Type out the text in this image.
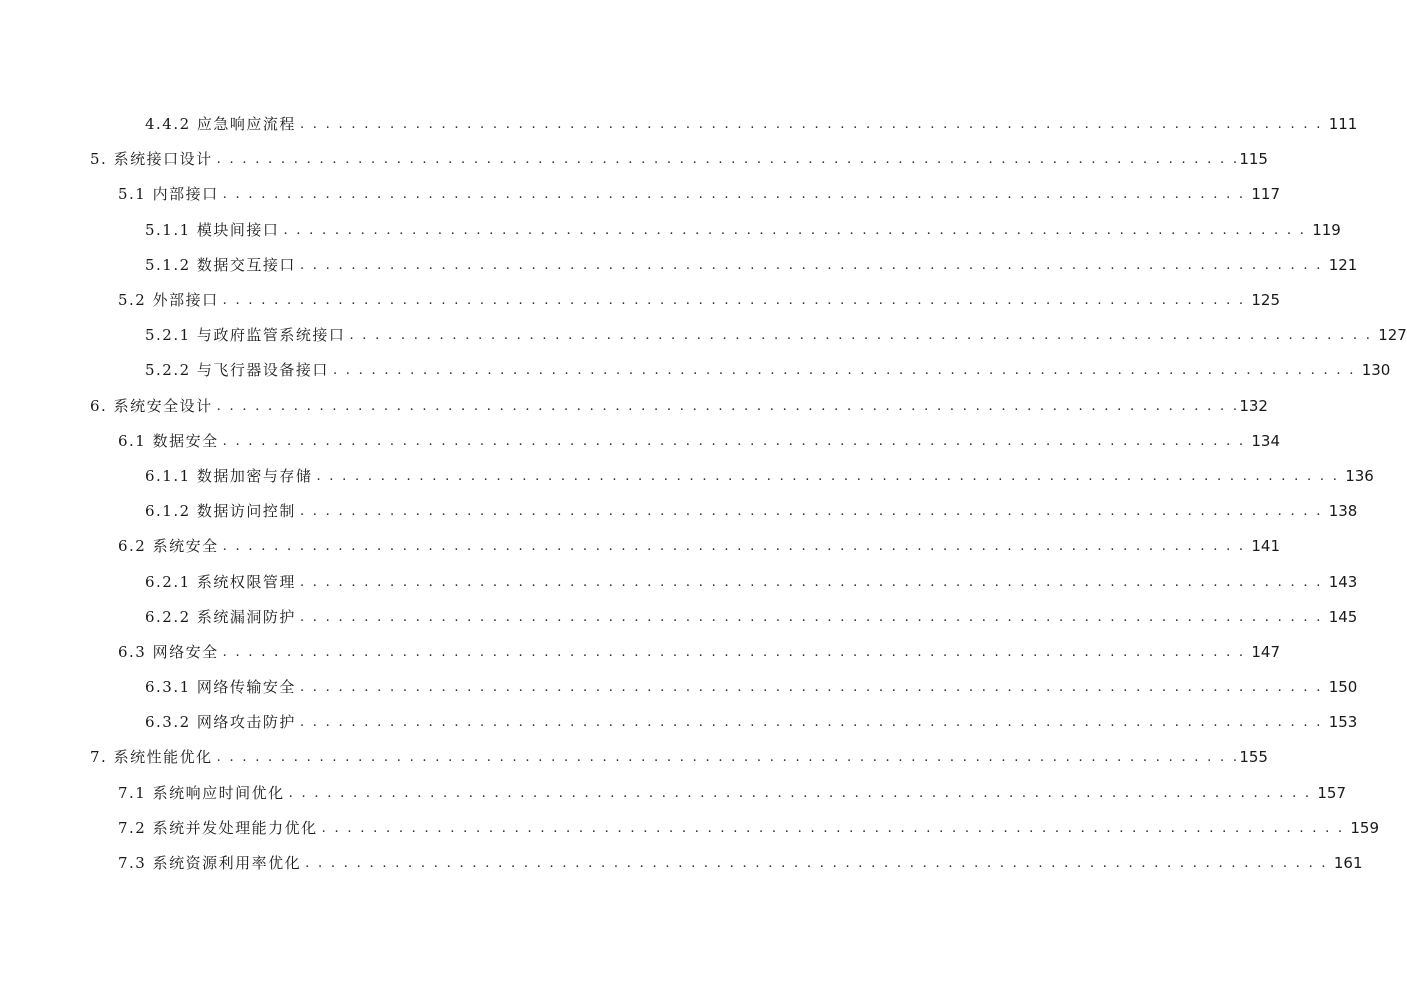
4.4.2 应急响应流程 . . . . . . . . . . . . . . . . . . . . . . . . . . . . . . . . . . . . . . . . . . . . . . . . . . . . . . . . . . . . . . . . . . . . . . . . . . . . . . . . 111
5. 系统接口设计 . . . . . . . . . . . . . . . . . . . . . . . . . . . . . . . . . . . . . . . . . . . . . . . . . . . . . . . . . . . . . . . . . . . . . . . . . . . . . . . . 115
5.1 内部接口 . . . . . . . . . . . . . . . . . . . . . . . . . . . . . . . . . . . . . . . . . . . . . . . . . . . . . . . . . . . . . . . . . . . . . . . . . . . . . . . . 117
5.1.1 模块间接口 . . . . . . . . . . . . . . . . . . . . . . . . . . . . . . . . . . . . . . . . . . . . . . . . . . . . . . . . . . . . . . . . . . . . . . . . . . . . . . . . 119
5.1.2 数据交互接口 . . . . . . . . . . . . . . . . . . . . . . . . . . . . . . . . . . . . . . . . . . . . . . . . . . . . . . . . . . . . . . . . . . . . . . . . . . . . . . . . 121
5.2 外部接口 . . . . . . . . . . . . . . . . . . . . . . . . . . . . . . . . . . . . . . . . . . . . . . . . . . . . . . . . . . . . . . . . . . . . . . . . . . . . . . . . 125
5.2.1 与政府监管系统接口 . . . . . . . . . . . . . . . . . . . . . . . . . . . . . . . . . . . . . . . . . . . . . . . . . . . . . . . . . . . . . . . . . . . . . . . . . . . . . . . . 127
5.2.2 与飞行器设备接口 . . . . . . . . . . . . . . . . . . . . . . . . . . . . . . . . . . . . . . . . . . . . . . . . . . . . . . . . . . . . . . . . . . . . . . . . . . . . . . . . 130
6. 系统安全设计 . . . . . . . . . . . . . . . . . . . . . . . . . . . . . . . . . . . . . . . . . . . . . . . . . . . . . . . . . . . . . . . . . . . . . . . . . . . . . . . . 132
6.1 数据安全 . . . . . . . . . . . . . . . . . . . . . . . . . . . . . . . . . . . . . . . . . . . . . . . . . . . . . . . . . . . . . . . . . . . . . . . . . . . . . . . . 134
6.1.1 数据加密与存储 . . . . . . . . . . . . . . . . . . . . . . . . . . . . . . . . . . . . . . . . . . . . . . . . . . . . . . . . . . . . . . . . . . . . . . . . . . . . . . . . 136
6.1.2 数据访问控制 . . . . . . . . . . . . . . . . . . . . . . . . . . . . . . . . . . . . . . . . . . . . . . . . . . . . . . . . . . . . . . . . . . . . . . . . . . . . . . . . 138
6.2 系统安全 . . . . . . . . . . . . . . . . . . . . . . . . . . . . . . . . . . . . . . . . . . . . . . . . . . . . . . . . . . . . . . . . . . . . . . . . . . . . . . . . 141
6.2.1 系统权限管理 . . . . . . . . . . . . . . . . . . . . . . . . . . . . . . . . . . . . . . . . . . . . . . . . . . . . . . . . . . . . . . . . . . . . . . . . . . . . . . . . 143
6.2.2 系统漏洞防护 . . . . . . . . . . . . . . . . . . . . . . . . . . . . . . . . . . . . . . . . . . . . . . . . . . . . . . . . . . . . . . . . . . . . . . . . . . . . . . . . 145
6.3 网络安全 . . . . . . . . . . . . . . . . . . . . . . . . . . . . . . . . . . . . . . . . . . . . . . . . . . . . . . . . . . . . . . . . . . . . . . . . . . . . . . . . 147
6.3.1 网络传输安全 . . . . . . . . . . . . . . . . . . . . . . . . . . . . . . . . . . . . . . . . . . . . . . . . . . . . . . . . . . . . . . . . . . . . . . . . . . . . . . . . 150
6.3.2 网络攻击防护 . . . . . . . . . . . . . . . . . . . . . . . . . . . . . . . . . . . . . . . . . . . . . . . . . . . . . . . . . . . . . . . . . . . . . . . . . . . . . . . . 153
7. 系统性能优化 . . . . . . . . . . . . . . . . . . . . . . . . . . . . . . . . . . . . . . . . . . . . . . . . . . . . . . . . . . . . . . . . . . . . . . . . . . . . . . . . 155
7.1 系统响应时间优化 . . . . . . . . . . . . . . . . . . . . . . . . . . . . . . . . . . . . . . . . . . . . . . . . . . . . . . . . . . . . . . . . . . . . . . . . . . . . . . . . 157
7.2 系统并发处理能力优化 . . . . . . . . . . . . . . . . . . . . . . . . . . . . . . . . . . . . . . . . . . . . . . . . . . . . . . . . . . . . . . . . . . . . . . . . . . . . . . . . 159
7.3 系统资源利用率优化 . . . . . . . . . . . . . . . . . . . . . . . . . . . . . . . . . . . . . . . . . . . . . . . . . . . . . . . . . . . . . . . . . . . . . . . . . . . . . . . . 161
